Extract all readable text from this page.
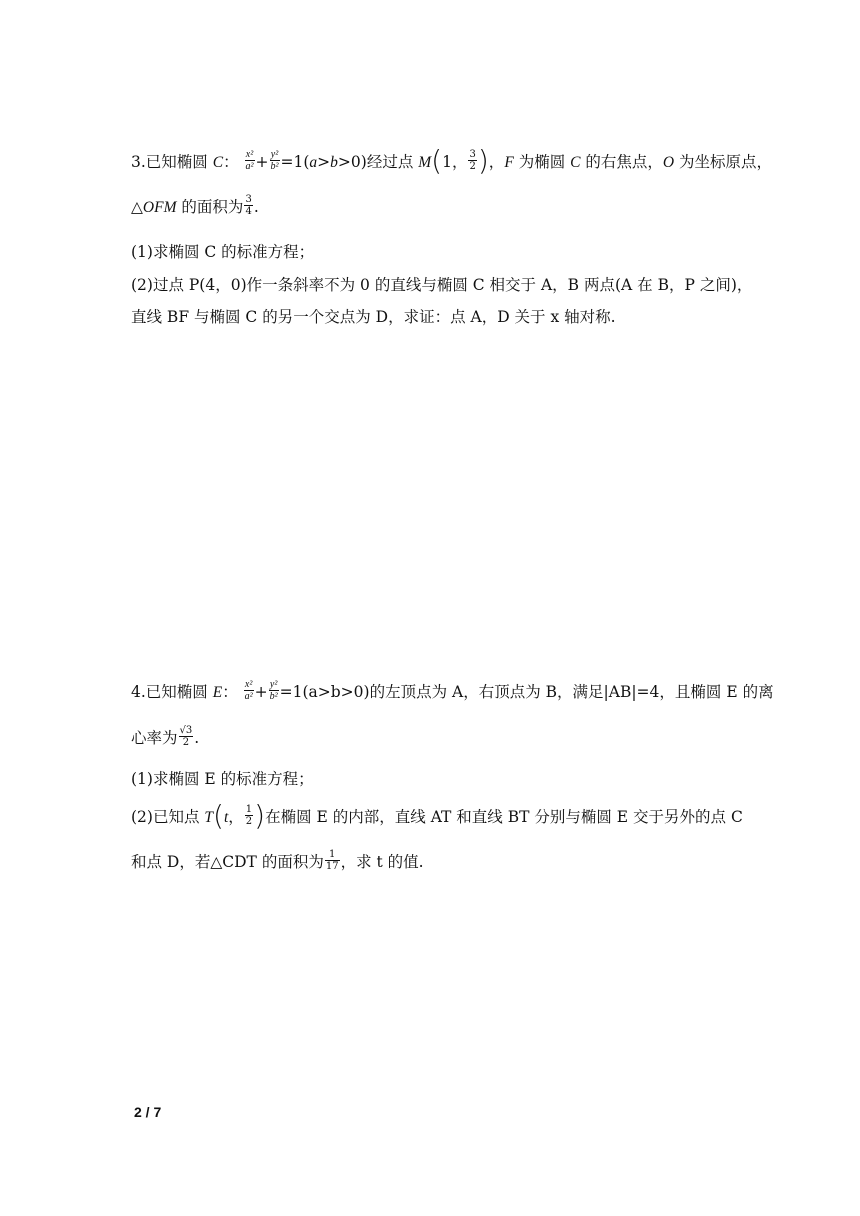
3.已知椭圆 C： $\frac{\text{x²}}{\text{a²}} + \frac{\text{y²}}{\text{b²}} =1(a>b>0)$经过点 M(1， $\frac{3}{2}$ )，F 为椭圆 C 的右焦点，O 为坐标原点，
△OFM 的面积为 $\frac{3}{4}$ .
(1)求椭圆 C 的标准方程；
(2)过点 P(4，0)作一条斜率不为 0 的直线与椭圆 C 相交于 A，B 两点(A 在 B，P 之间)，
直线 BF 与椭圆 C 的另一个交点为 D，求证：点 A，D 关于 x 轴对称.
4.已知椭圆 E： $\frac{\text{x²}}{\text{a²}} + \frac{\text{y²}}{\text{b²}} =1(a>b>0)$的左顶点为 A，右顶点为 B，满足|AB|=4，且椭圆 E 的离
心率为 $\frac{√3}{2}$ .
(1)求椭圆 E 的标准方程；
(2)已知点 T(t， $\frac{1}{2}$ )在椭圆 E 的内部，直线 AT 和直线 BT 分别与椭圆 E 交于另外的点 C
和点 D，若△CDT 的面积为 $\frac{1}{17}$ ，求 t 的值.
2 / 7
